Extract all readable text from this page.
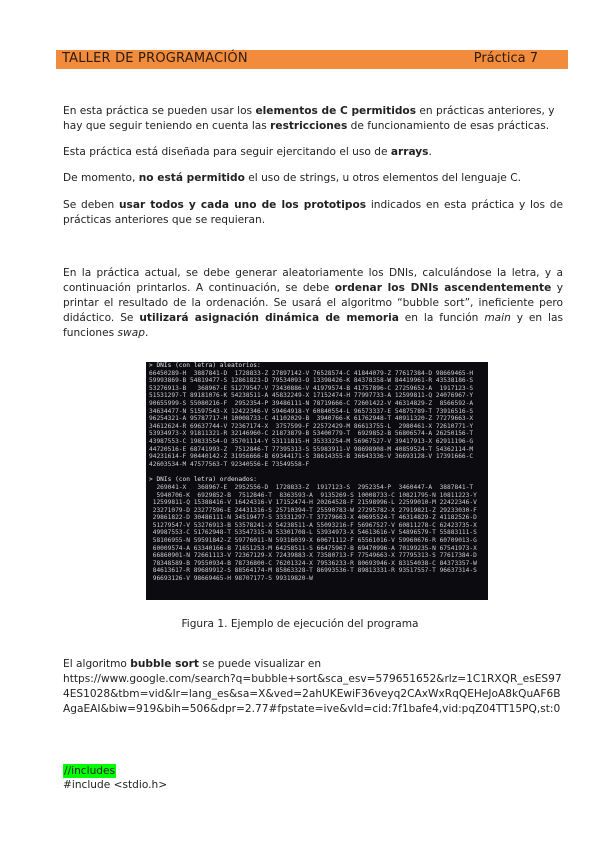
TALLER DE PROGRAMACIÓN	Práctica 7
En esta práctica se pueden usar los elementos de C permitidos en prácticas anteriores, y hay que seguir teniendo en cuenta las restricciones de funcionamiento de esas prácticas.
Esta práctica está diseñada para seguir ejercitando el uso de arrays.
De momento, no está permitido el uso de strings, u otros elementos del lenguaje C.
Se deben usar todos y cada uno de los prototipos indicados en esta práctica y los de prácticas anteriores que se requieran.
En la práctica actual, se debe generar aleatoriamente los DNIs, calculándose la letra, y a continuación printarlos. A continuación, se debe ordenar los DNIs ascendentemente y printar el resultado de la ordenación. Se usará el algoritmo “bubble sort”, ineficiente pero didáctico. Se utilizará asignación dinámica de memoria en la función main y en las funciones swap.
> DNIs (con letra) aleatorios:
66450289-H  3887841-D  1728833-Z 27897142-V 76528574-C 41844079-Z 77617384-D 98669465-H
59993869-B 54819477-S 12861823-D 79534093-O 13398426-K 84378358-W 84419961-R 43538186-S
53276913-B   368967-E 51279547-V 73430886-V 41979574-B 41757896-C 27259652-A  1917123-S
51531297-T 89181076-K 54238511-A 45832249-X 17152474-H 77997733-A 12599811-Q 24076967-Y
90655999-S 55080216-F  2952354-P 39486111-N 78719666-C 72601422-V 46314829-Z  8566592-A
34634477-N 51597543-X 12422346-V 59464918-Y 60840554-L 96573337-E 54875789-T 73916516-S
96254321-A 95787717-H 10008733-C 41102029-B  3940766-K 61762948-T 40911320-Z 77279663-X
34612624-R 69637744-V 72367174-X  3757599-F 22572429-M 86613755-L  2980461-X 72610771-Y
53934973-X 91811321-R 32146960-C 21873879-B 53400779-T  6929852-B 56806574-A 26250156-T
43987553-C 19833554-O 35701114-Y 53111815-H 35333254-M 56967527-V 39417913-X 62911196-G
44720516-E 68741993-Z  7512846-T 77395313-S 55983911-V 98698908-M 40859524-T 54362114-M
94231614-F 90440142-Z 31956666-B 69344171-S 38614355-B 36643336-V 36693128-V 17391666-C
42603534-M 47577563-T 92340556-E 73549558-F
> DNIs (con letra) ordenados:
269041-X   368967-E  2952556-D  1728833-Z  1917123-S  2952354-P  3460447-A  3887841-T
5940706-K  6929852-B  7512846-T  8363593-A  9135269-S 10008733-C 10821795-N 10811223-Y
12599811-Q 15388416-V 16424316-V 17152474-H 20264528-F 21598996-L 22599010-M 22422346-V
23271079-D 23277596-E 24431316-S 25710394-T 25590783-W 27295782-X 27919821-Z 29233030-F
29861822-D 30486111-N 34519477-S 33331297-T 37279663-X 40695524-T 46314829-Z 41182526-D
51279547-V 53276913-B 53578241-X 54238511-A 55093216-F 56967527-V 60811278-C 62423735-X
49987553-C 51762948-T 53547315-N 53301708-L 53934973-X 54613616-V 54896579-T 55883111-S
58106955-N 59591842-Z 59776011-N 59316039-X 60671112-F 65561016-V 59960676-R 60709013-G
60009574-A 63340166-B 71651253-M 64258511-S 66475967-B 69470996-A 70199235-N 67541973-X
66860901-N 72661113-V 72367129-X 72439883-X 73580713-F 77549663-X 77795313-S 77617384-D
78348589-B 79550934-B 78736800-C 76201324-X 79536233-R 80693946-X 83154038-C 84373357-W
84613617-R 89689912-S 88564174-M 85863328-T 86993536-T 89813331-R 93517557-T 96637314-S
96693126-V 98669465-H 98707177-S 99319820-W
Figura 1. Ejemplo de ejecución del programa
El algoritmo bubble sort se puede visualizar en
https://www.google.com/search?q=bubble+sort&sca_esv=579651652&rlz=1C1RXQR_esES974ES1028&tbm=vid&lr=lang_es&sa=X&ved=2ahUKEwiF36veyq2CAxWxRqQEHeJoA8kQuAF6BAgaEAI&biw=919&bih=506&dpr=2.77#fpstate=ive&vld=cid:7f1bafe4,vid:pqZ04TT15PQ,st:0
//includes
#include <stdio.h>
